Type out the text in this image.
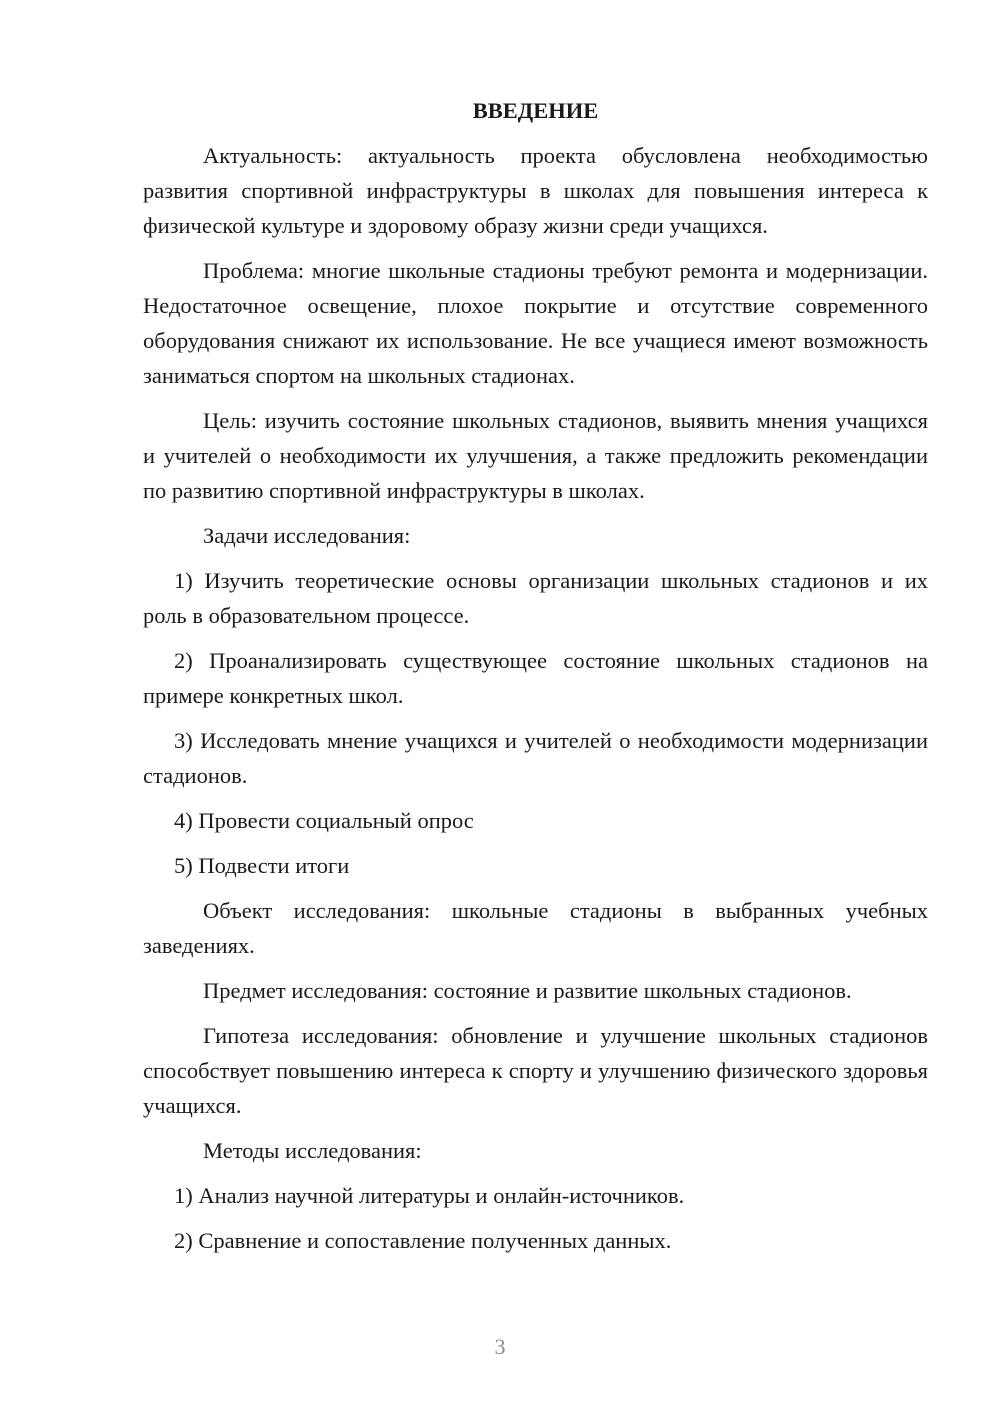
ВВЕДЕНИЕ

Актуальность: актуальность проекта обусловлена необходимостью развития спортивной инфраструктуры в школах для повышения интереса к физической культуре и здоровому образу жизни среди учащихся.

Проблема: многие школьные стадионы требуют ремонта и модернизации. Недостаточное освещение, плохое покрытие и отсутствие современного оборудования снижают их использование. Не все учащиеся имеют возможность заниматься спортом на школьных стадионах.

Цель: изучить состояние школьных стадионов, выявить мнения учащихся и учителей о необходимости их улучшения, а также предложить рекомендации по развитию спортивной инфраструктуры в школах.

Задачи исследования:

1) Изучить теоретические основы организации школьных стадионов и их роль в образовательном процессе.

2) Проанализировать существующее состояние школьных стадионов на примере конкретных школ.

3) Исследовать мнение учащихся и учителей о необходимости модернизации стадионов.

4) Провести социальный опрос

5) Подвести итоги

Объект исследования: школьные стадионы в выбранных учебных заведениях.

Предмет исследования: состояние и развитие школьных стадионов.

Гипотеза исследования: обновление и улучшение школьных стадионов способствует повышению интереса к спорту и улучшению физического здоровья учащихся.

Методы исследования:

1) Анализ научной литературы и онлайн-источников.

2) Сравнение и сопоставление полученных данных.

3
